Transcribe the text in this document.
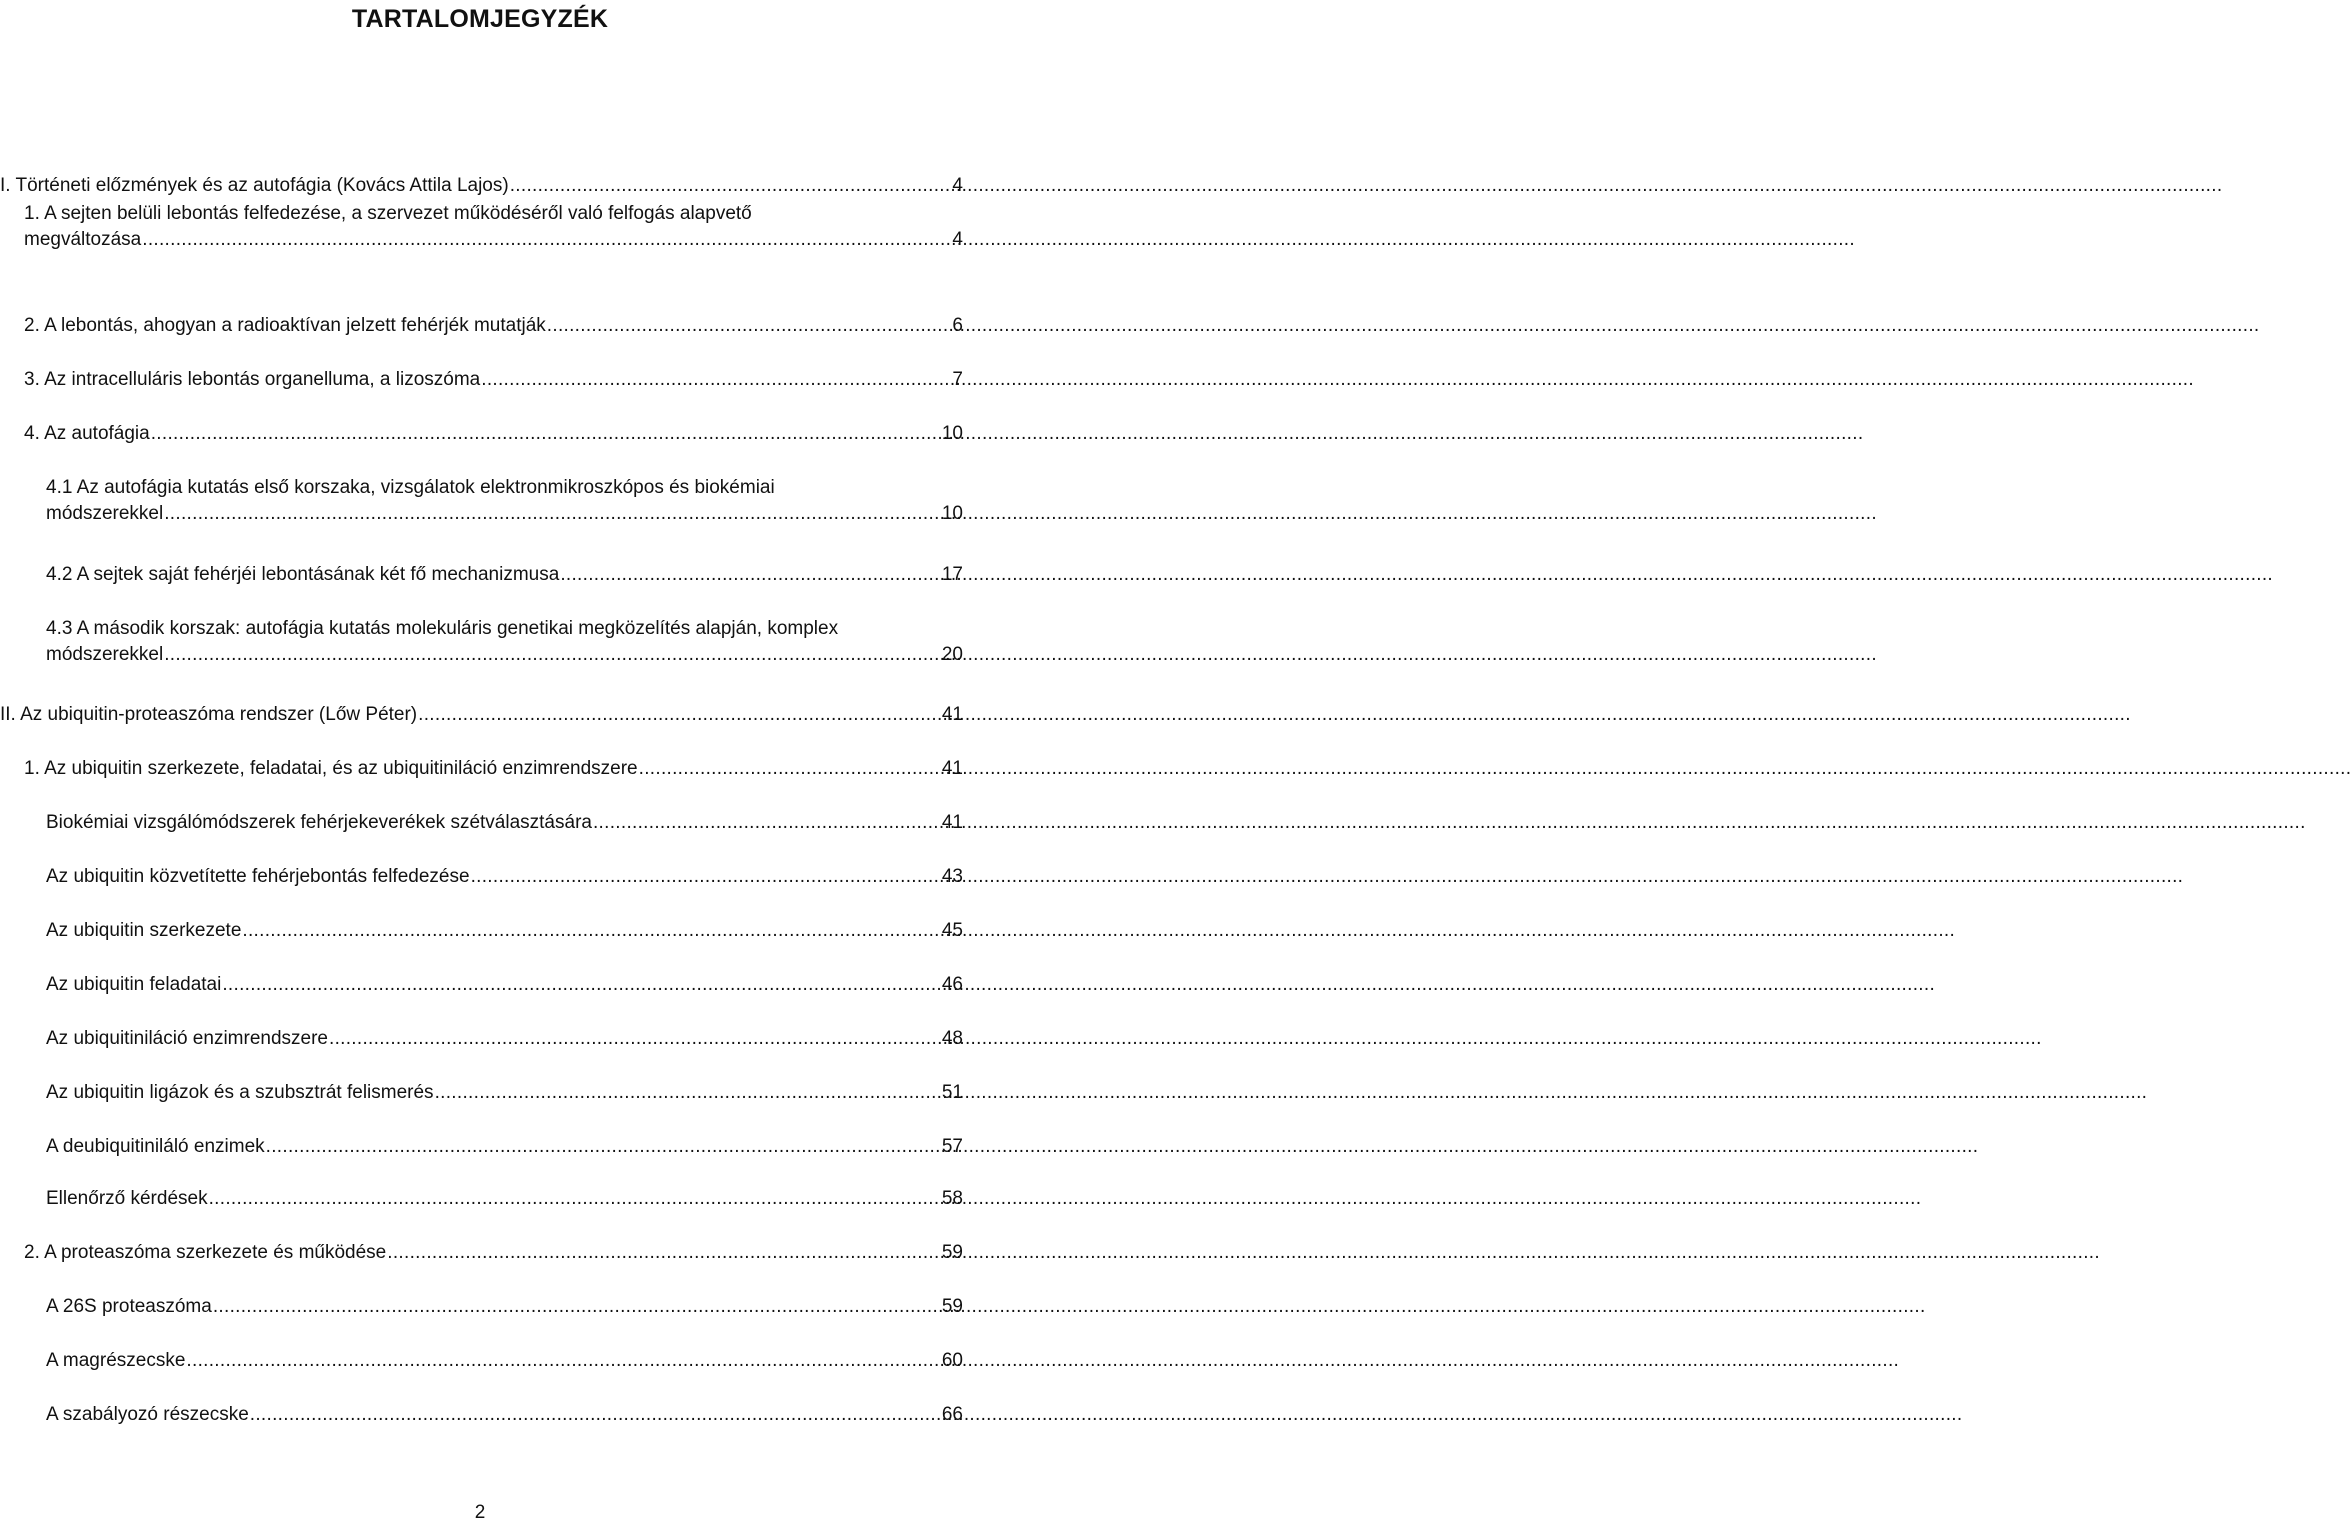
TARTALOMJEGYZÉK
I. Történeti előzmények és az autofágia (Kovács Attila Lajos) .....	4
1. A sejten belüli lebontás felfedezése, a szervezet működéséről való felfogás alapvető
megváltozása .....	4
2. A lebontás, ahogyan a radioaktívan jelzett fehérjék mutatják .....	6
3. Az intracelluláris lebontás organelluma, a lizoszóma .....	7
4. Az autofágia .....	10
4.1 Az autofágia kutatás első korszaka, vizsgálatok elektronmikroszkópos és biokémiai
módszerekkel .....	10
4.2 A sejtek saját fehérjéi lebontásának két fő mechanizmusa .....	17
4.3 A második korszak: autofágia kutatás molekuláris genetikai megközelítés alapján, komplex
módszerekkel .....	20
II. Az ubiquitin-proteaszóma rendszer (Lőw Péter) .....	41
1. Az ubiquitin szerkezete, feladatai, és az ubiquitiniláció enzimrendszere .....	41
Biokémiai vizsgálómódszerek fehérjekeverékek szétválasztására .....	41
Az ubiquitin közvetítette fehérjebontás felfedezése .....	43
Az ubiquitin szerkezete .....	45
Az ubiquitin feladatai .....	46
Az ubiquitiniláció enzimrendszere .....	48
Az ubiquitin ligázok és a szubsztrát felismerés .....	51
A deubiquitiniláló enzimek .....	57
Ellenőrző kérdések .....	58
2. A proteaszóma szerkezete és működése .....	59
A 26S proteaszóma .....	59
A magrészecske .....	60
A szabályozó részecske .....	66
2
